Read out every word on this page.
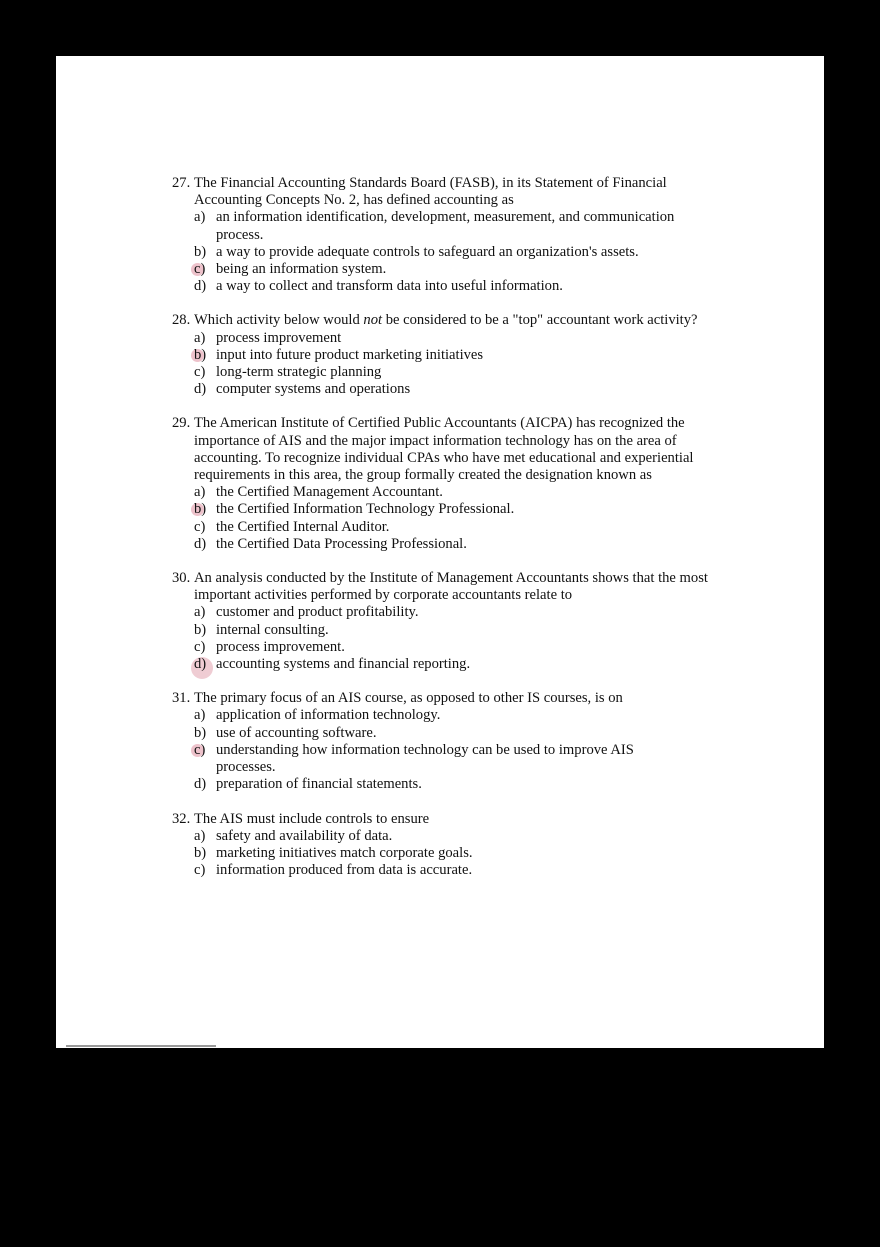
27. The Financial Accounting Standards Board (FASB), in its Statement of Financial Accounting Concepts No. 2, has defined accounting as
a) an information identification, development, measurement, and communication process.
b) a way to provide adequate controls to safeguard an organization's assets.
c) being an information system.
d) a way to collect and transform data into useful information.
28. Which activity below would not be considered to be a "top" accountant work activity?
a) process improvement
b) input into future product marketing initiatives
c) long-term strategic planning
d) computer systems and operations
29. The American Institute of Certified Public Accountants (AICPA) has recognized the importance of AIS and the major impact information technology has on the area of accounting. To recognize individual CPAs who have met educational and experiential requirements in this area, the group formally created the designation known as
a) the Certified Management Accountant.
b) the Certified Information Technology Professional.
c) the Certified Internal Auditor.
d) the Certified Data Processing Professional.
30. An analysis conducted by the Institute of Management Accountants shows that the most important activities performed by corporate accountants relate to
a) customer and product profitability.
b) internal consulting.
c) process improvement.
d) accounting systems and financial reporting.
31. The primary focus of an AIS course, as opposed to other IS courses, is on
a) application of information technology.
b) use of accounting software.
c) understanding how information technology can be used to improve AIS processes.
d) preparation of financial statements.
32. The AIS must include controls to ensure
a) safety and availability of data.
b) marketing initiatives match corporate goals.
c) information produced from data is accurate.
